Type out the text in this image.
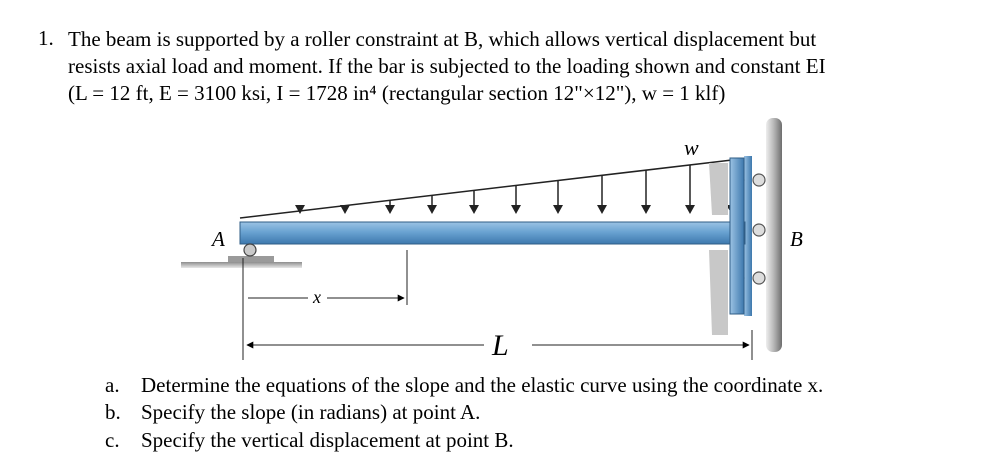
1. The beam is supported by a roller constraint at B, which allows vertical displacement but
resists axial load and moment. If the bar is subjected to the loading shown and constant EI
(L = 12 ft, E = 3100 ksi, I = 1728 in⁴ (rectangular section 12"×12"), w = 1 klf)
w
A	B
x
L
a. Determine the equations of the slope and the elastic curve using the coordinate x.
b. Specify the slope (in radians) at point A.
c. Specify the vertical displacement at point B.
